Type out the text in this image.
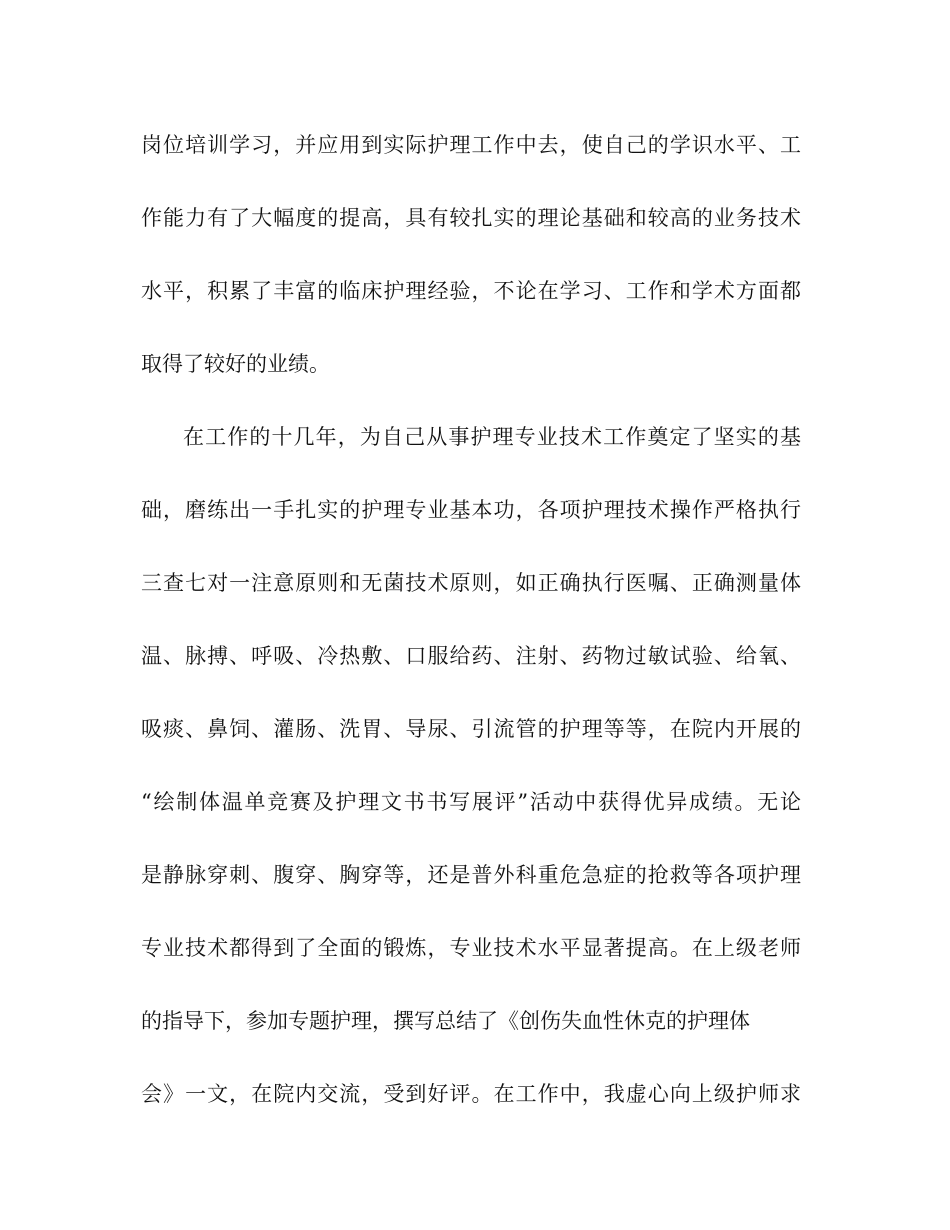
岗位培训学习，并应用到实际护理工作中去，使自己的学识水平、工
作能力有了大幅度的提高，具有较扎实的理论基础和较高的业务技术
水平，积累了丰富的临床护理经验，不论在学习、工作和学术方面都
取得了较好的业绩。
在工作的十几年，为自己从事护理专业技术工作奠定了坚实的基
础，磨练出一手扎实的护理专业基本功，各项护理技术操作严格执行
三查七对一注意原则和无菌技术原则，如正确执行医嘱、正确测量体
温、脉搏、呼吸、冷热敷、口服给药、注射、药物过敏试验、给氧、
吸痰、鼻饲、灌肠、洗胃、导尿、引流管的护理等等，在院内开展的
“绘制体温单竞赛及护理文书书写展评”活动中获得优异成绩。无论
是静脉穿刺、腹穿、胸穿等，还是普外科重危急症的抢救等各项护理
专业技术都得到了全面的锻炼，专业技术水平显著提高。在上级老师
的指导下，参加专题护理，撰写总结了《创伤失血性休克的护理体
会》一文，在院内交流，受到好评。在工作中，我虚心向上级护师求
